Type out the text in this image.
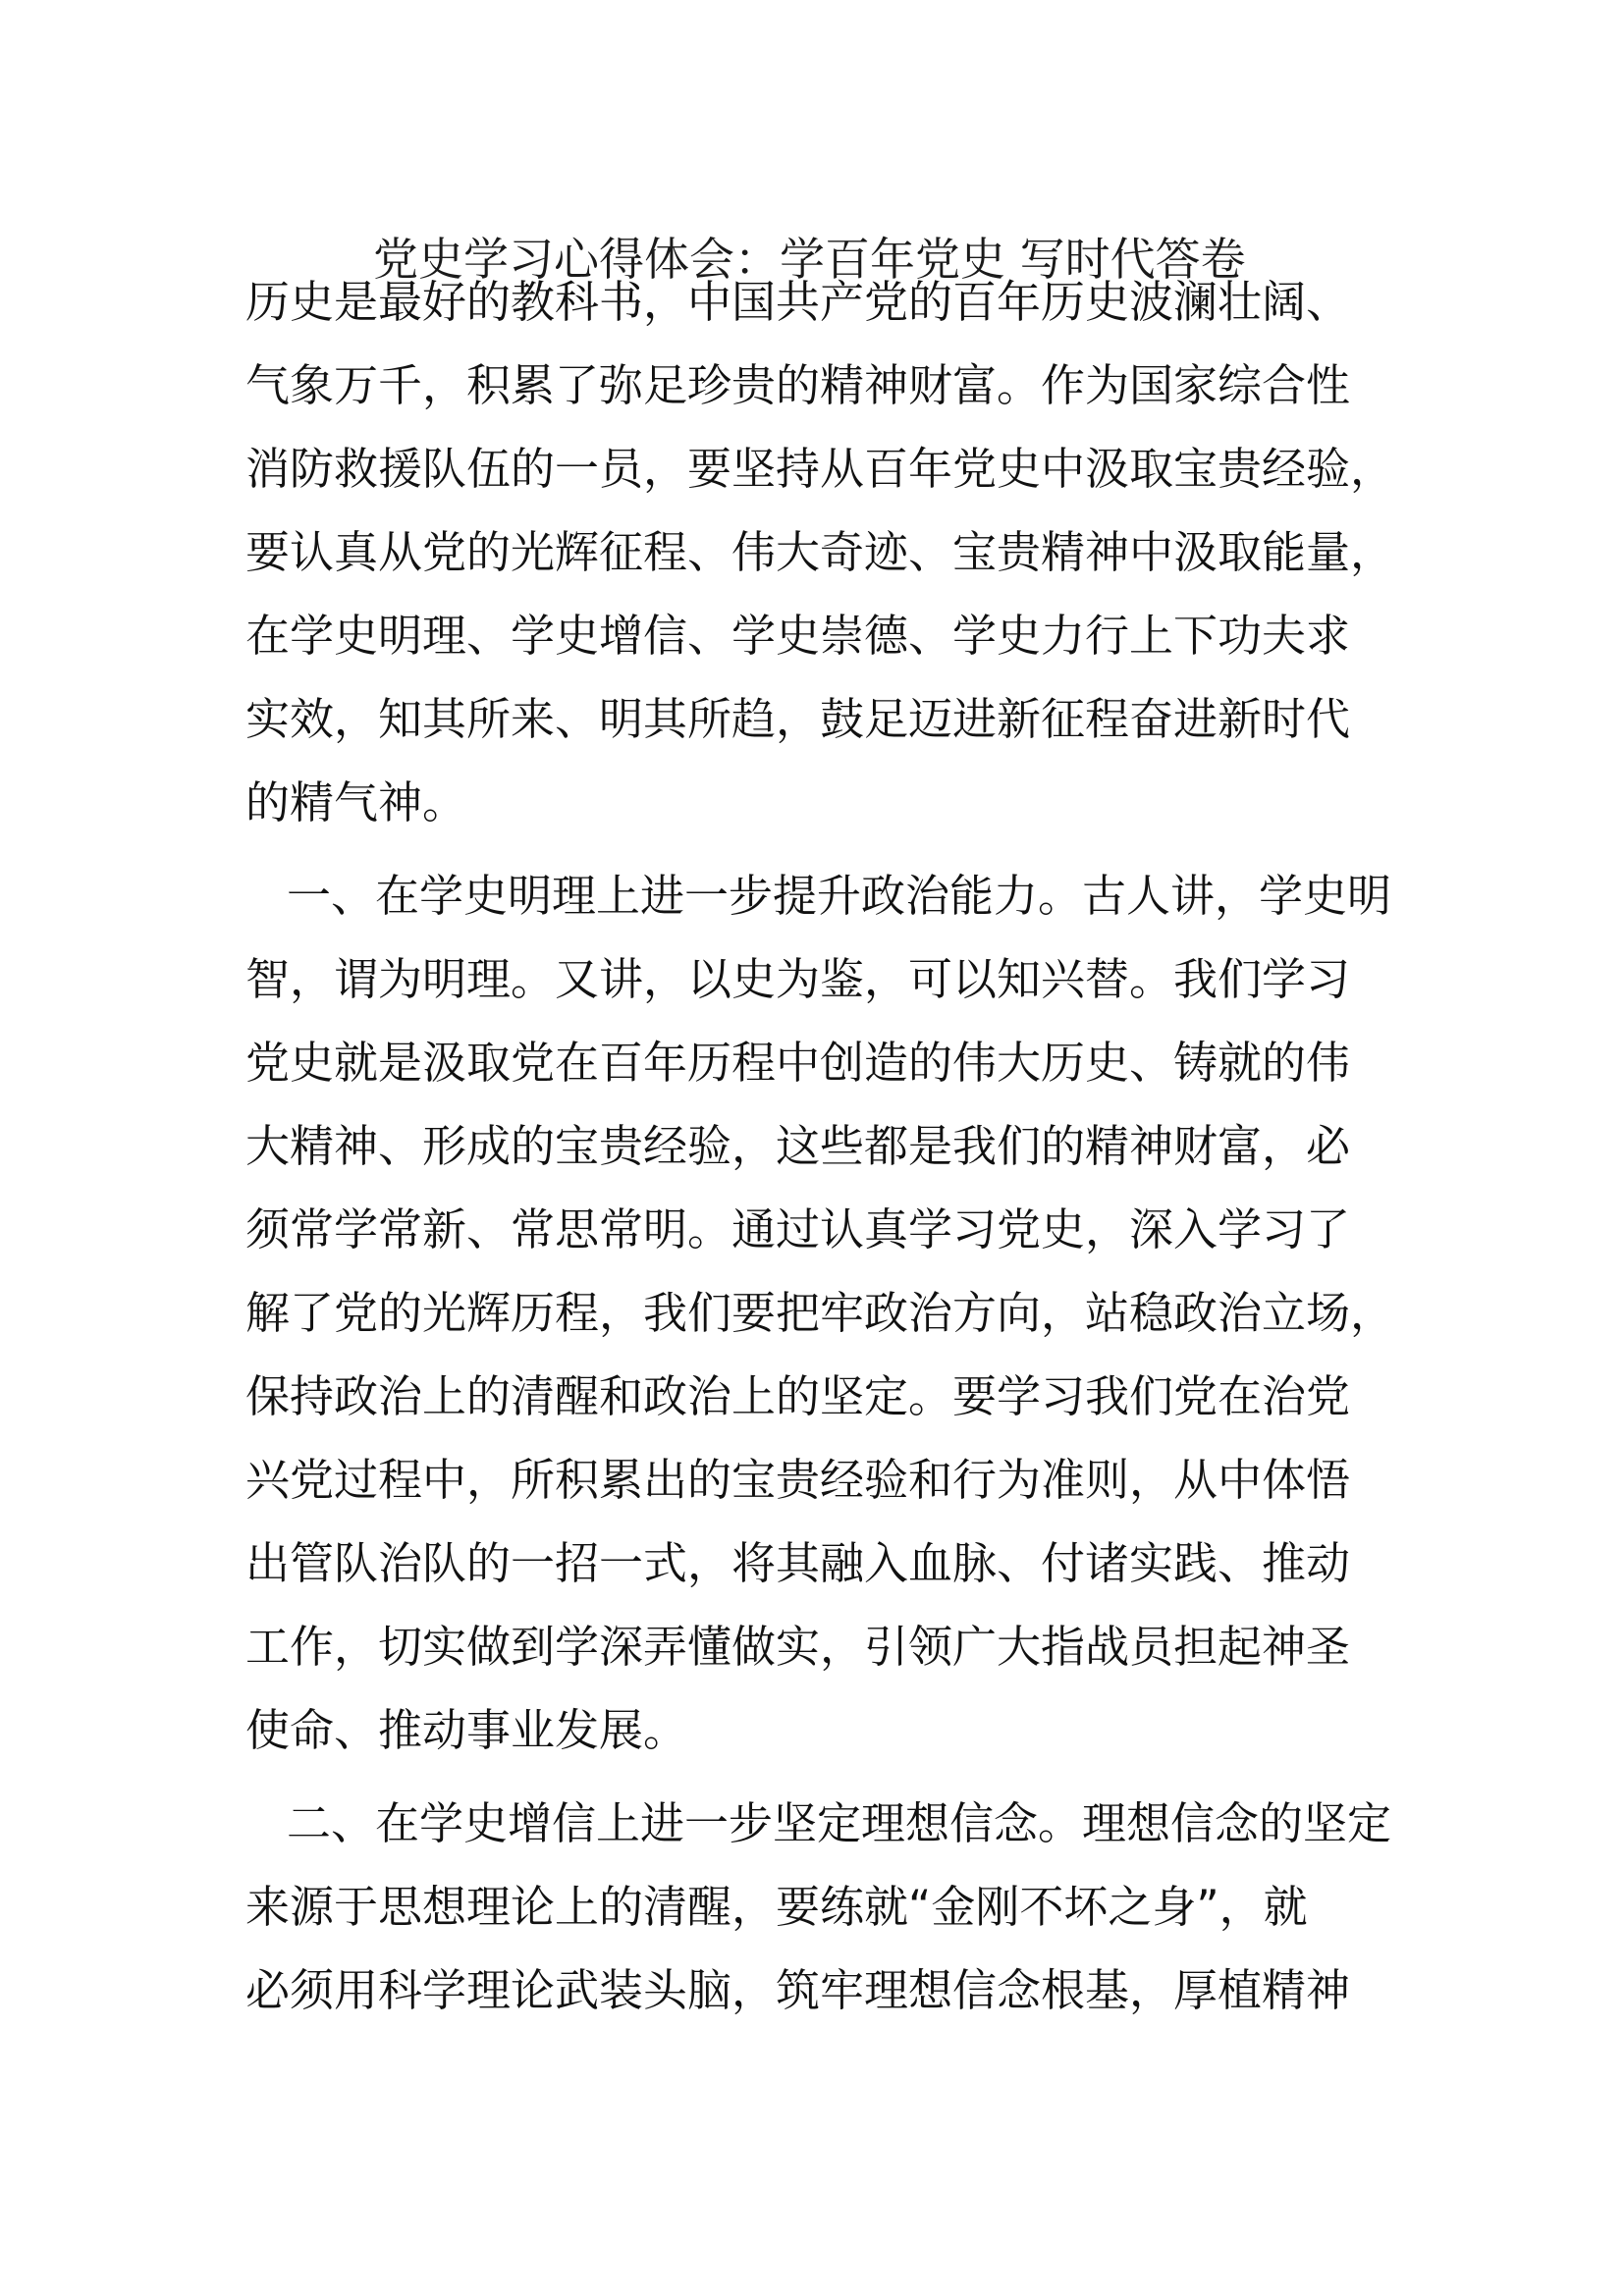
党史学习心得体会：学百年党史 写时代答卷
历史是最好的教科书，中国共产党的百年历史波澜壮阔、
气象万千，积累了弥足珍贵的精神财富。作为国家综合性
消防救援队伍的一员，要坚持从百年党史中汲取宝贵经验，
要认真从党的光辉征程、伟大奇迹、宝贵精神中汲取能量，
在学史明理、学史增信、学史崇德、学史力行上下功夫求
实效，知其所来、明其所趋，鼓足迈进新征程奋进新时代
的精气神。
一、在学史明理上进一步提升政治能力。古人讲，学史明
智，谓为明理。又讲，以史为鉴，可以知兴替。我们学习
党史就是汲取党在百年历程中创造的伟大历史、铸就的伟
大精神、形成的宝贵经验，这些都是我们的精神财富，必
须常学常新、常思常明。通过认真学习党史，深入学习了
解了党的光辉历程，我们要把牢政治方向，站稳政治立场，
保持政治上的清醒和政治上的坚定。要学习我们党在治党
兴党过程中，所积累出的宝贵经验和行为准则，从中体悟
出管队治队的一招一式，将其融入血脉、付诸实践、推动
工作，切实做到学深弄懂做实，引领广大指战员担起神圣
使命、推动事业发展。
二、在学史增信上进一步坚定理想信念。理想信念的坚定
来源于思想理论上的清醒，要练就“金刚不坏之身”，就
必须用科学理论武装头脑，筑牢理想信念根基，厚植精神
